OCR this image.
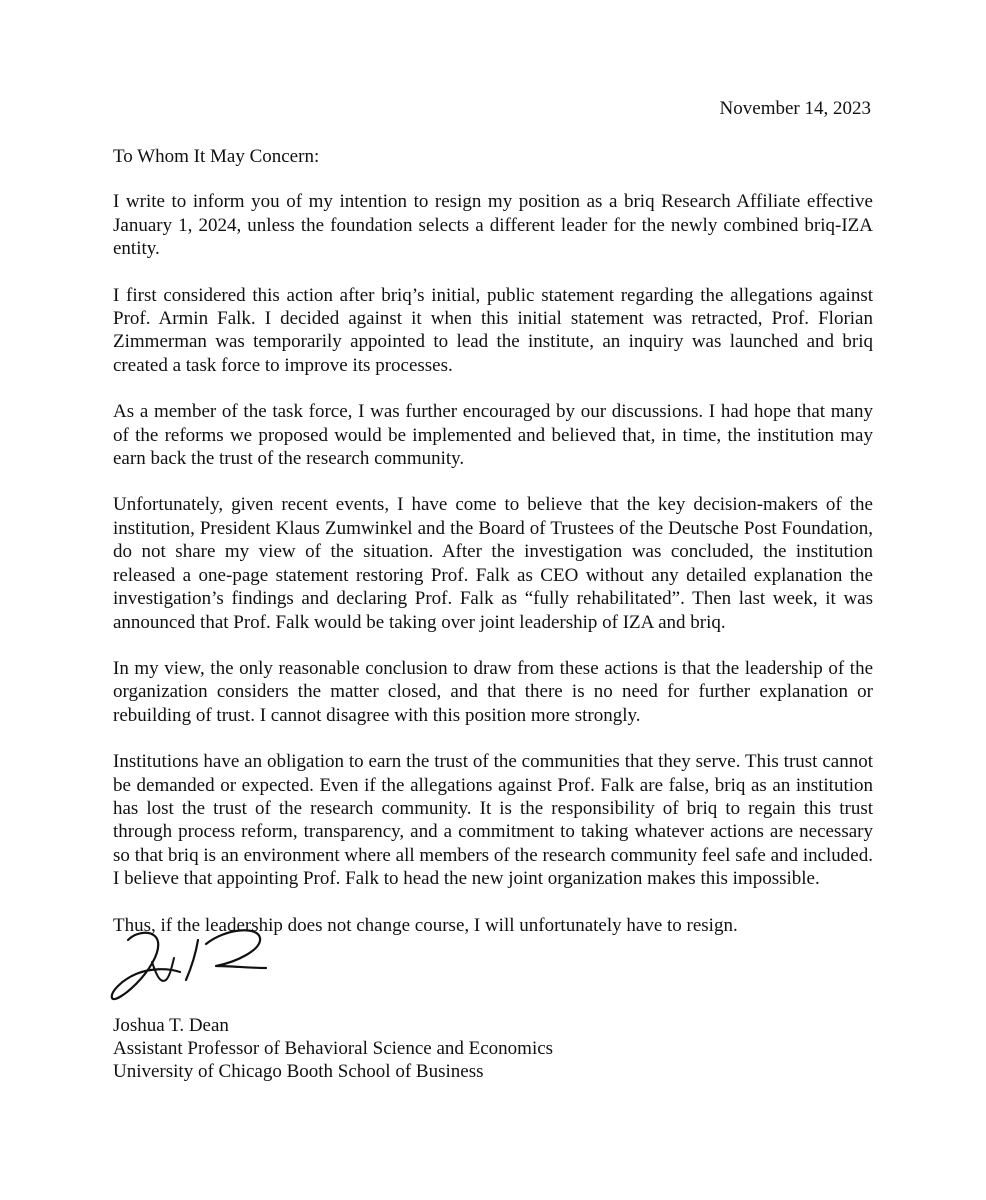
November 14, 2023

To Whom It May Concern:

I write to inform you of my intention to resign my position as a briq Research Affiliate effective January 1, 2024, unless the foundation selects a different leader for the newly combined briq-IZA entity.

I first considered this action after briq’s initial, public statement regarding the allegations against Prof. Armin Falk. I decided against it when this initial statement was retracted, Prof. Florian Zimmerman was temporarily appointed to lead the institute, an inquiry was launched and briq created a task force to improve its processes.

As a member of the task force, I was further encouraged by our discussions. I had hope that many of the reforms we proposed would be implemented and believed that, in time, the institution may earn back the trust of the research community.

Unfortunately, given recent events, I have come to believe that the key decision-makers of the institution, President Klaus Zumwinkel and the Board of Trustees of the Deutsche Post Foundation, do not share my view of the situation. After the investigation was concluded, the institution released a one-page statement restoring Prof. Falk as CEO without any detailed explanation the investigation’s findings and declaring Prof. Falk as “fully rehabilitated”. Then last week, it was announced that Prof. Falk would be taking over joint leadership of IZA and briq.

In my view, the only reasonable conclusion to draw from these actions is that the leadership of the organization considers the matter closed, and that there is no need for further explanation or rebuilding of trust. I cannot disagree with this position more strongly.

Institutions have an obligation to earn the trust of the communities that they serve. This trust cannot be demanded or expected. Even if the allegations against Prof. Falk are false, briq as an institution has lost the trust of the research community. It is the responsibility of briq to regain this trust through process reform, transparency, and a commitment to taking whatever actions are necessary so that briq is an environment where all members of the research community feel safe and included. I believe that appointing Prof. Falk to head the new joint organization makes this impossible.

Thus, if the leadership does not change course, I will unfortunately have to resign.

Joshua T. Dean
Assistant Professor of Behavioral Science and Economics
University of Chicago Booth School of Business
